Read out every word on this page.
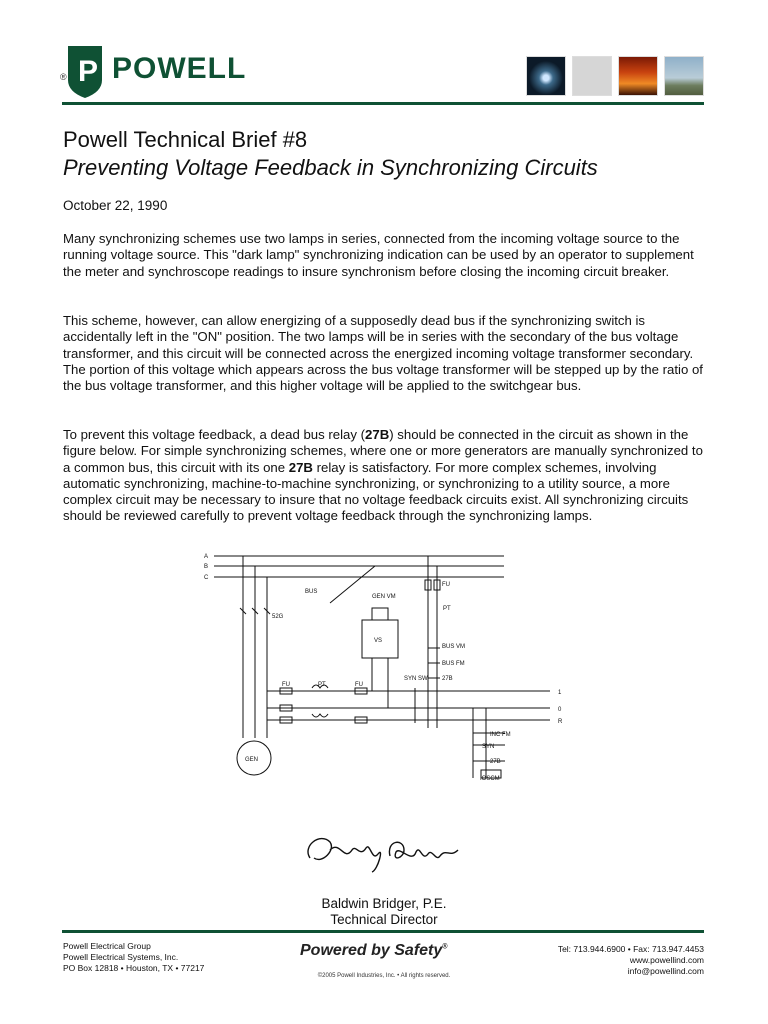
P
® POWELL
Powell Technical Brief #8
Preventing Voltage Feedback in Synchronizing Circuits
October 22, 1990
Many synchronizing schemes use two lamps in series, connected from the incoming voltage source to the running voltage source. This "dark lamp" synchronizing indication can be used by an operator to supplement the meter and synchroscope readings to insure synchronism before closing the incoming circuit breaker.
This scheme, however, can allow energizing of a supposedly dead bus if the synchronizing switch is accidentally left in the "ON" position. The two lamps will be in series with the secondary of the bus voltage transformer, and this circuit will be connected across the energized incoming voltage transformer secondary. The portion of this voltage which appears across the bus voltage transformer will be stepped up by the ratio of the bus voltage transformer, and this higher voltage will be applied to the switchgear bus.
To prevent this voltage feedback, a dead bus relay (27B) should be connected in the circuit as shown in the figure below. For simple synchronizing schemes, where one or more generators are manually synchronized to a common bus, this circuit with its one 27B relay is satisfactory. For more complex schemes, involving automatic synchronizing, machine-to-machine synchronizing, or synchronizing to a utility source, a more complex circuit may be necessary to insure that no voltage feedback circuits exist. All synchronizing circuits should be reviewed carefully to prevent voltage feedback through the synchronizing lamps.
A
B
C
BUS
GEN VM
VS
FU
PT
52G
BUS VM
BUS FM
27B
SYN SW
INC FM
SYN
27B
IOSCM
FU	PT	FU
GEN
1
0
R
Baldwin Bridger, P.E.
Technical Director
Powell Electrical Group
Powell Electrical Systems, Inc.
PO Box 12818 • Houston, TX • 77217
Powered by Safety®
©2005 Powell Industries, Inc. • All rights reserved.
Tel: 713.944.6900 • Fax: 713.947.4453
www.powellind.com
info@powellind.com
